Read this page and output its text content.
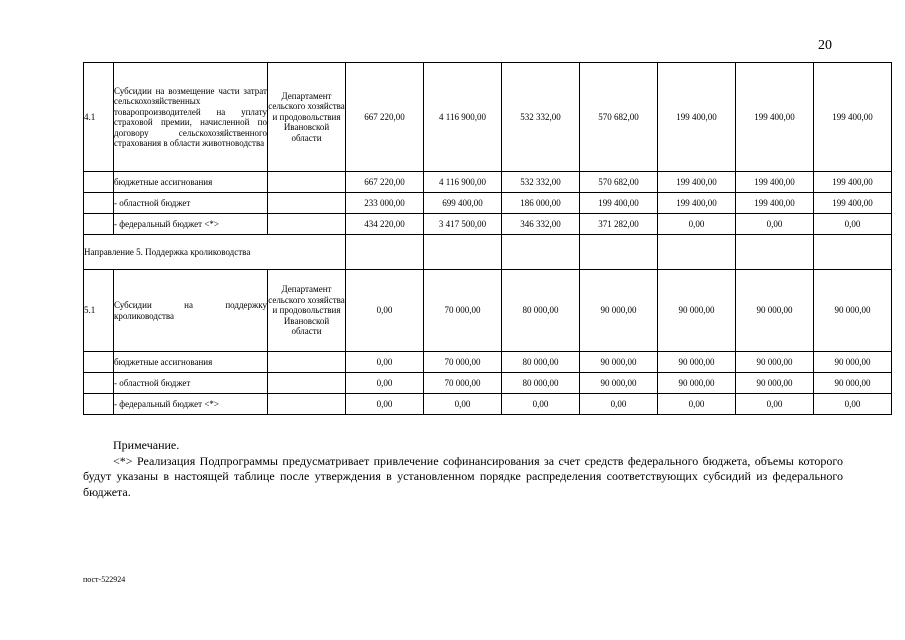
20
4.1	Субсидии на возмещение части затрат сельскохозяйственных товаропроизводителей на уплату страховой премии, начисленной по договору сельскохозяйственного страхования в области животноводства	Департамент сельского хозяйства и продовольствия Ивановской области	667 220,00	4 116 900,00	532 332,00	570 682,00	199 400,00	199 400,00	199 400,00
	бюджетные ассигнования		667 220,00	4 116 900,00	532 332,00	570 682,00	199 400,00	199 400,00	199 400,00
	- областной бюджет		233 000,00	699 400,00	186 000,00	199 400,00	199 400,00	199 400,00	199 400,00
	- федеральный бюджет <*>		434 220,00	3 417 500,00	346 332,00	371 282,00	0,00	0,00	0,00

Направление 5. Поддержка кролиководства									

5.1	Субсидии на поддержку кролиководства	Департамент сельского хозяйства и продовольствия Ивановской области	0,00	70 000,00	80 000,00	90 000,00	90 000,00	90 000,00	90 000,00
	бюджетные ассигнования		0,00	70 000,00	80 000,00	90 000,00	90 000,00	90 000,00	90 000,00
	- областной бюджет		0,00	70 000,00	80 000,00	90 000,00	90 000,00	90 000,00	90 000,00
	- федеральный бюджет <*>		0,00	0,00	0,00	0,00	0,00	0,00	0,00
Примечание.
<*> Реализация Подпрограммы предусматривает привлечение софинансирования за счет средств федерального бюджета, объемы которого будут указаны в настоящей таблице после утверждения в установленном порядке распределения соответствующих субсидий из федерального бюджета.
пост-522924
